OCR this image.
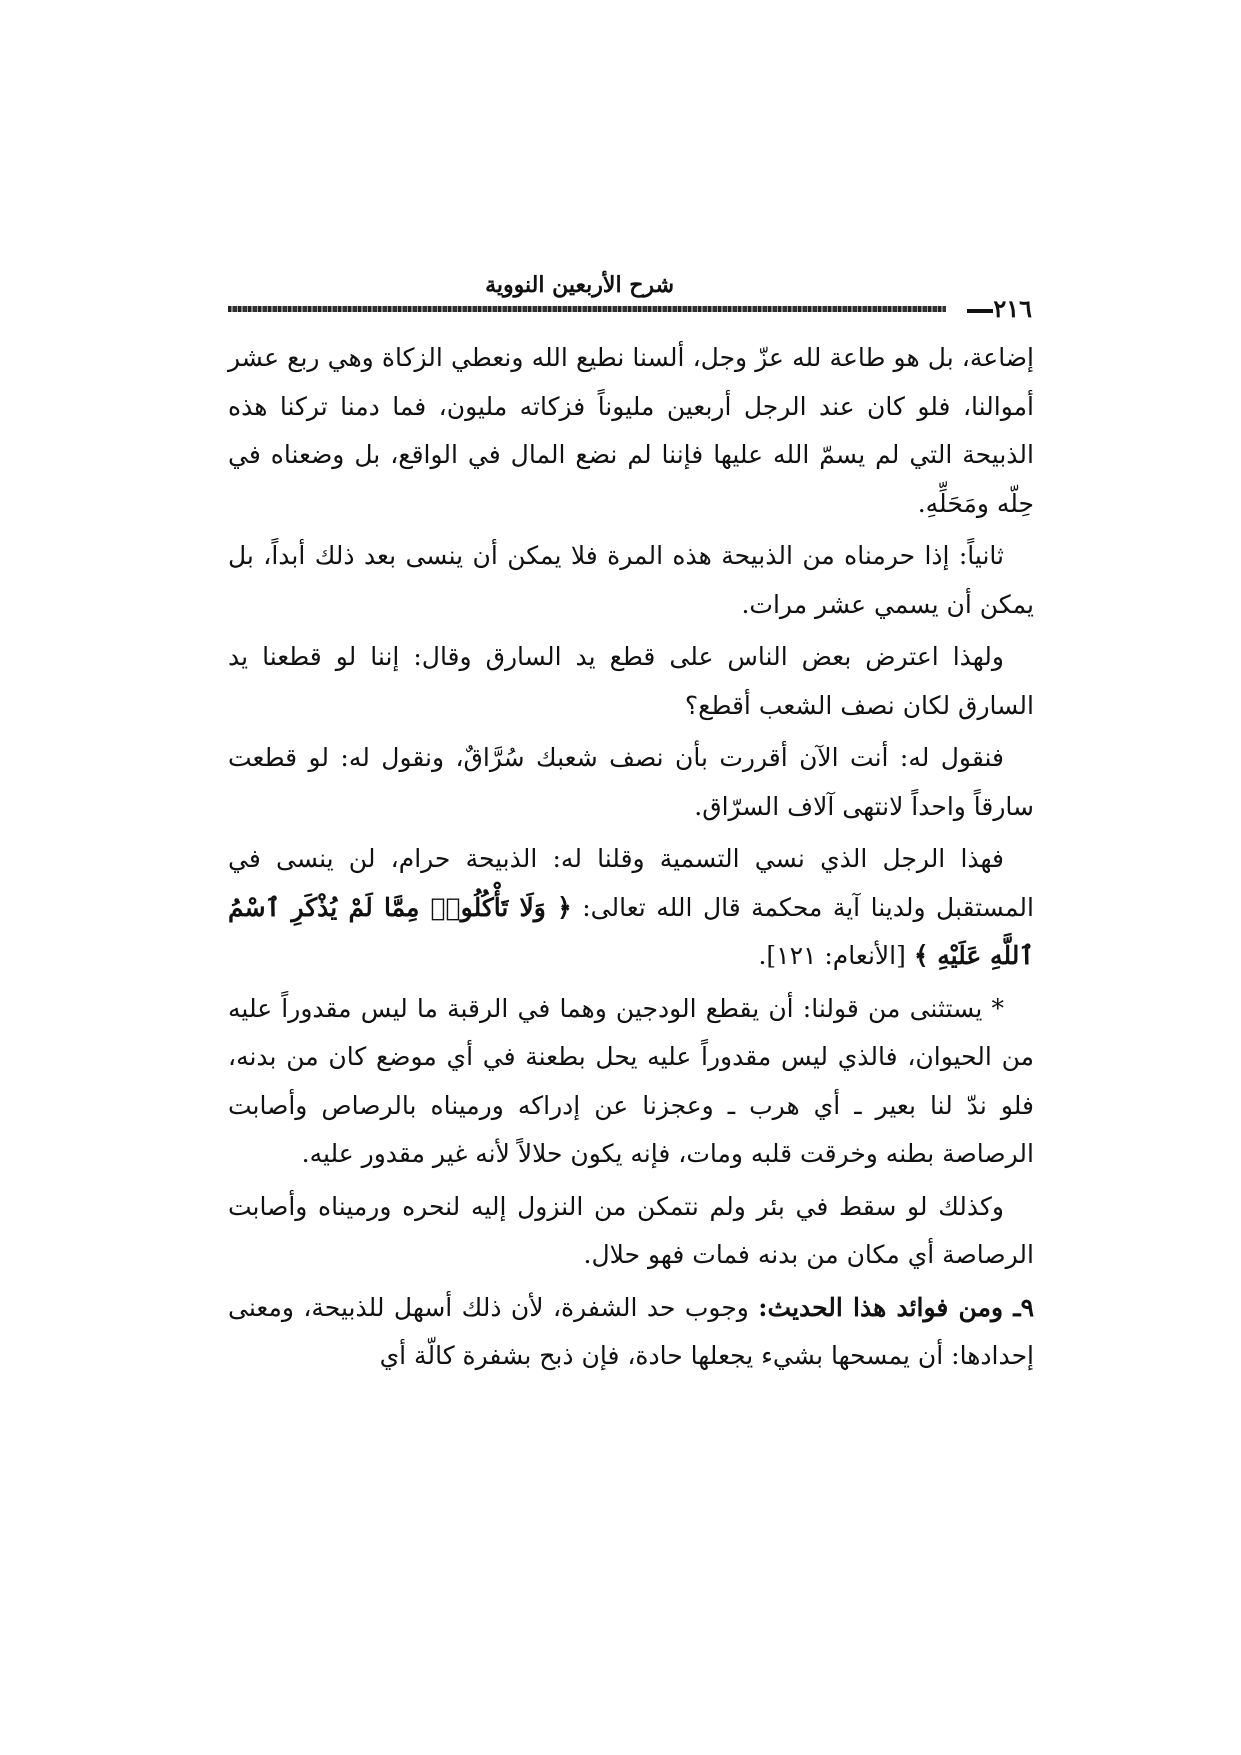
شرح الأربعين النووية
٢١٦

إضاعة، بل هو طاعة لله عزّ وجل، ألسنا نطيع الله ونعطي الزكاة وهي ربع عشر أموالنا، فلو كان عند الرجل أربعين مليوناً فزكاته مليون، فما دمنا تركنا هذه الذبيحة التي لم يسمّ الله عليها فإننا لم نضع المال في الواقع، بل وضعناه في حِلّه ومَحَلِّهِ.

ثانياً: إذا حرمناه من الذبيحة هذه المرة فلا يمكن أن ينسى بعد ذلك أبداً، بل يمكن أن يسمي عشر مرات.

ولهذا اعترض بعض الناس على قطع يد السارق وقال: إننا لو قطعنا يد السارق لكان نصف الشعب أقطع؟

فنقول له: أنت الآن أقررت بأن نصف شعبك سُرَّاقٌ، ونقول له: لو قطعت سارقاً واحداً لانتهى آلاف السرّاق.

فهذا الرجل الذي نسي التسمية وقلنا له: الذبيحة حرام، لن ينسى في المستقبل ولدينا آية محكمة قال الله تعالى: ﴿ وَلَا تَأْكُلُوا۟ مِمَّا لَمْ يُذْكَرِ ٱسْمُ ٱللَّهِ عَلَيْهِ ﴾ [الأنعام: ١٢١].

* يستثنى من قولنا: أن يقطع الودجين وهما في الرقبة ما ليس مقدوراً عليه من الحيوان، فالذي ليس مقدوراً عليه يحل بطعنة في أي موضع كان من بدنه، فلو ندّ لنا بعير ـ أي هرب ـ وعجزنا عن إدراكه ورميناه بالرصاص وأصابت الرصاصة بطنه وخرقت قلبه ومات، فإنه يكون حلالاً لأنه غير مقدور عليه.

وكذلك لو سقط في بئر ولم نتمكن من النزول إليه لنحره ورميناه وأصابت الرصاصة أي مكان من بدنه فمات فهو حلال.

٩ـ ومن فوائد هذا الحديث: وجوب حد الشفرة، لأن ذلك أسهل للذبيحة، ومعنى إحدادها: أن يمسحها بشيء يجعلها حادة، فإن ذبح بشفرة كالّة أي
